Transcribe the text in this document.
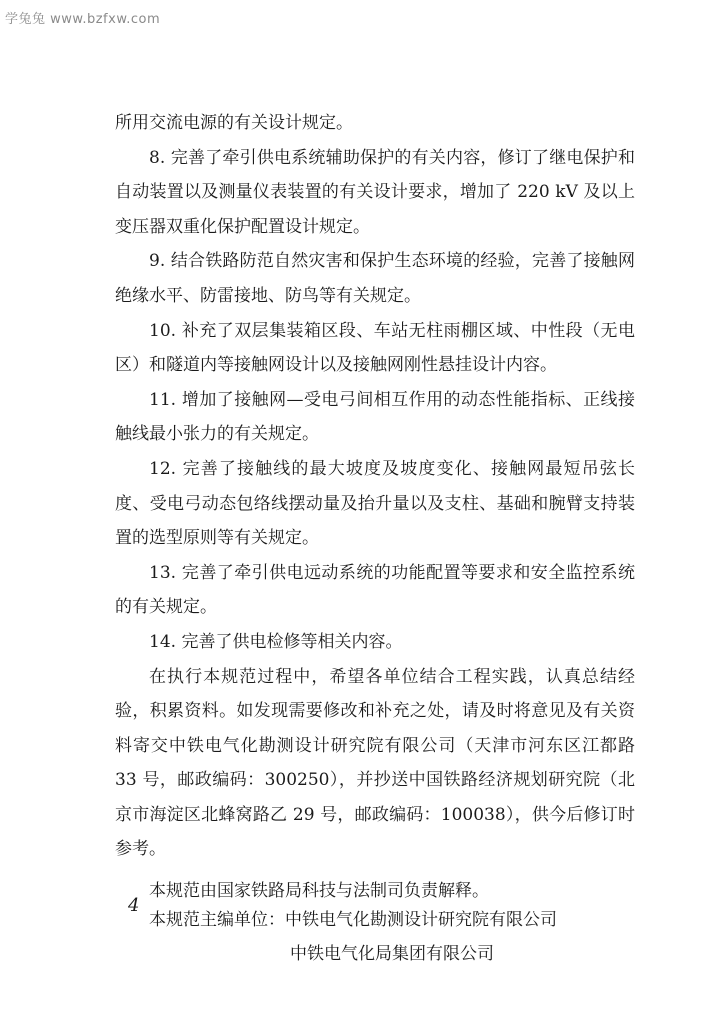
学兔兔 www.bzfxw.com

所用交流电源的有关设计规定。

8. 完善了牵引供电系统辅助保护的有关内容，修订了继电保护和自动装置以及测量仪表装置的有关设计要求，增加了 220 kV 及以上变压器双重化保护配置设计规定。

9. 结合铁路防范自然灾害和保护生态环境的经验，完善了接触网绝缘水平、防雷接地、防鸟等有关规定。

10. 补充了双层集装箱区段、车站无柱雨棚区域、中性段（无电区）和隧道内等接触网设计以及接触网刚性悬挂设计内容。

11. 增加了接触网—受电弓间相互作用的动态性能指标、正线接触线最小张力的有关规定。

12. 完善了接触线的最大坡度及坡度变化、接触网最短吊弦长度、受电弓动态包络线摆动量及抬升量以及支柱、基础和腕臂支持装置的选型原则等有关规定。

13. 完善了牵引供电远动系统的功能配置等要求和安全监控系统的有关规定。

14. 完善了供电检修等相关内容。

在执行本规范过程中，希望各单位结合工程实践，认真总结经验，积累资料。如发现需要修改和补充之处，请及时将意见及有关资料寄交中铁电气化勘测设计研究院有限公司（天津市河东区江都路 33 号，邮政编码：300250），并抄送中国铁路经济规划研究院（北京市海淀区北蜂窝路乙 29 号，邮政编码：100038），供今后修订时参考。

本规范由国家铁路局科技与法制司负责解释。
本规范主编单位：中铁电气化勘测设计研究院有限公司
中铁电气化局集团有限公司
4
